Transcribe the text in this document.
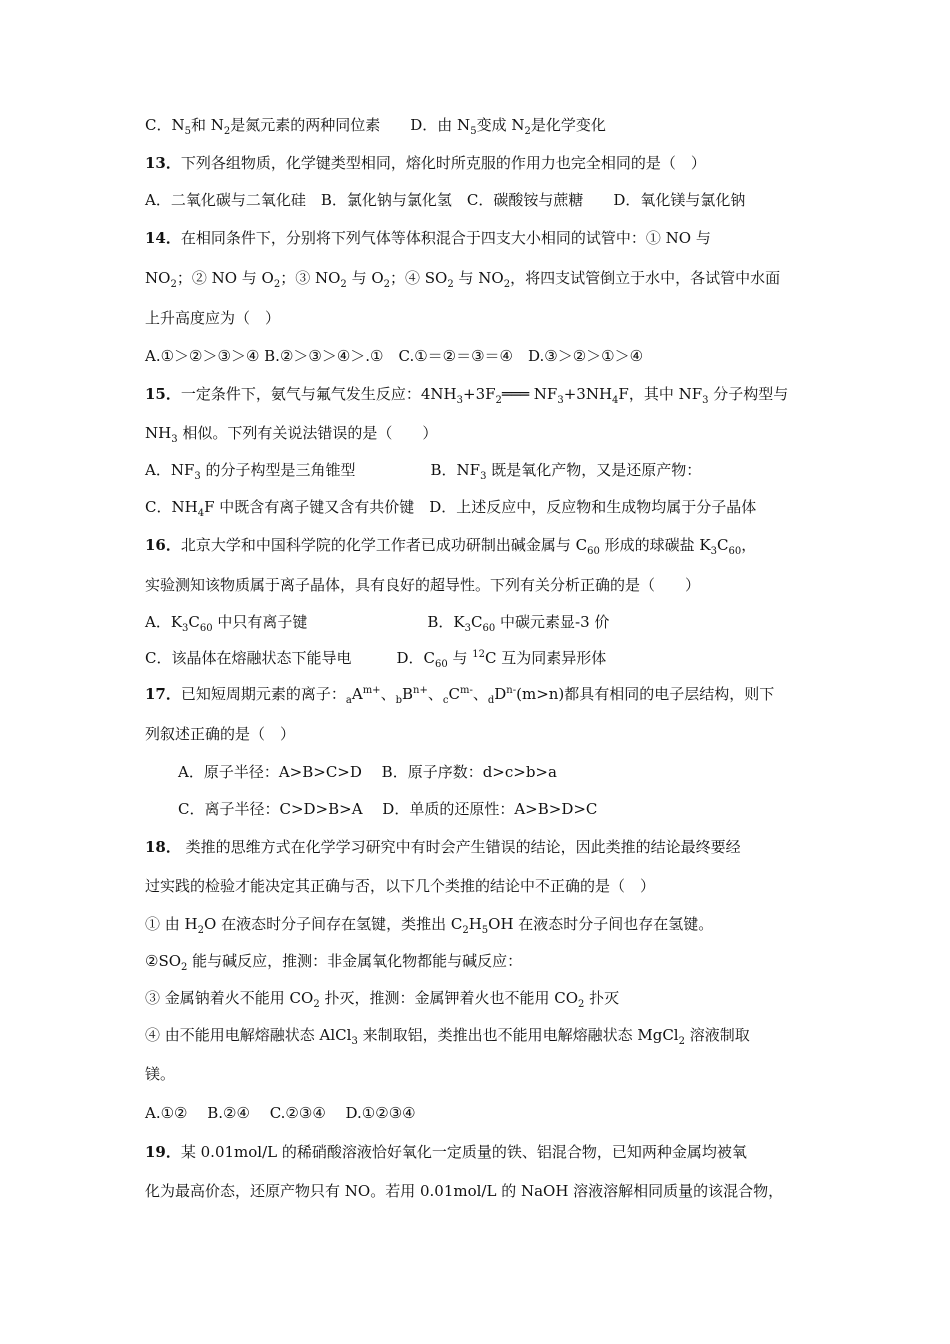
C．$N_5$和 $N_2$是氮元素的两种同位素　　D．由 $N_5$变成 $N_2$是化学变化
13．下列各组物质，化学键类型相同，熔化时所克服的作用力也完全相同的是（　）
A．二氧化碳与二氧化硅　B．氯化钠与氯化氢　C．碳酸铵与蔗糖　　D．氧化镁与氯化钠
14．在相同条件下，分别将下列气体等体积混合于四支大小相同的试管中：① NO 与
$NO_2$；② NO 与 $O_2$；③ $NO_2$ 与 $O_2$；④ $SO_2$ 与 $NO_2$，将四支试管倒立于水中，各试管中水面
上升高度应为（　）
A.①＞②＞③＞④ B.②＞③＞④＞.①　C.①＝②＝③＝④　D.③＞②＞①＞④
15．一定条件下，氨气与氟气发生反应：$4NH_3+3F_2═══$ $NF_3+3NH_4F$，其中 $NF_3$ 分子构型与
$NH_3$ 相似。下列有关说法错误的是（　　）
A．$NF_3$ 的分子构型是三角锥型　　　　　B．$NF_3$ 既是氧化产物，又是还原产物：
C．$NH_4F$ 中既含有离子键又含有共价键　D．上述反应中，反应物和生成物均属于分子晶体
16．北京大学和中国科学院的化学工作者已成功研制出碱金属与 $C_{60}$ 形成的球碳盐 $K_3C_{60}$，
实验测知该物质属于离子晶体，具有良好的超导性。下列有关分析正确的是（　　）
A．$K_3C_{60}$ 中只有离子键　　　　　　　　B．$K_3C_{60}$ 中碳元素显-3 价
C．该晶体在熔融状态下能导电　　　D．$C_{60}$ 与 $^{12}$C 互为同素异形体
17．已知短周期元素的离子：$_aA^{m+}$、$_bB^{n+}$、$_cC^{m-}$、$_dD^{n-}(m>n)$都具有相同的电子层结构，则下
列叙述正确的是（　）
A．原子半径：A>B>C>D　 B．原子序数：d>c>b>a
C．离子半径：C>D>B>A　 D．单质的还原性：A>B>D>C
18． 类推的思维方式在化学学习研究中有时会产生错误的结论，因此类推的结论最终要经
过实践的检验才能决定其正确与否，以下几个类推的结论中不正确的是（　）
① 由 $H_2O$ 在液态时分子间存在氢键，类推出 $C_2H_5OH$ 在液态时分子间也存在氢键。
$②SO_2$ 能与碱反应，推测：非金属氧化物都能与碱反应：
③ 金属钠着火不能用 $CO_2$ 扑灭，推测：金属钾着火也不能用 $CO_2$ 扑灭
④ 由不能用电解熔融状态 AlCl$_3$ 来制取铝，类推出也不能用电解熔融状态 MgCl$_2$ 溶液制取
镁。
A.①②　 B.②④　 C.②③④　 D.①②③④
19．某 0.01mol/L 的稀硝酸溶液恰好氧化一定质量的铁、铝混合物，已知两种金属均被氧
化为最高价态，还原产物只有 NO。若用 0.01mol/L 的 NaOH 溶液溶解相同质量的该混合物，
